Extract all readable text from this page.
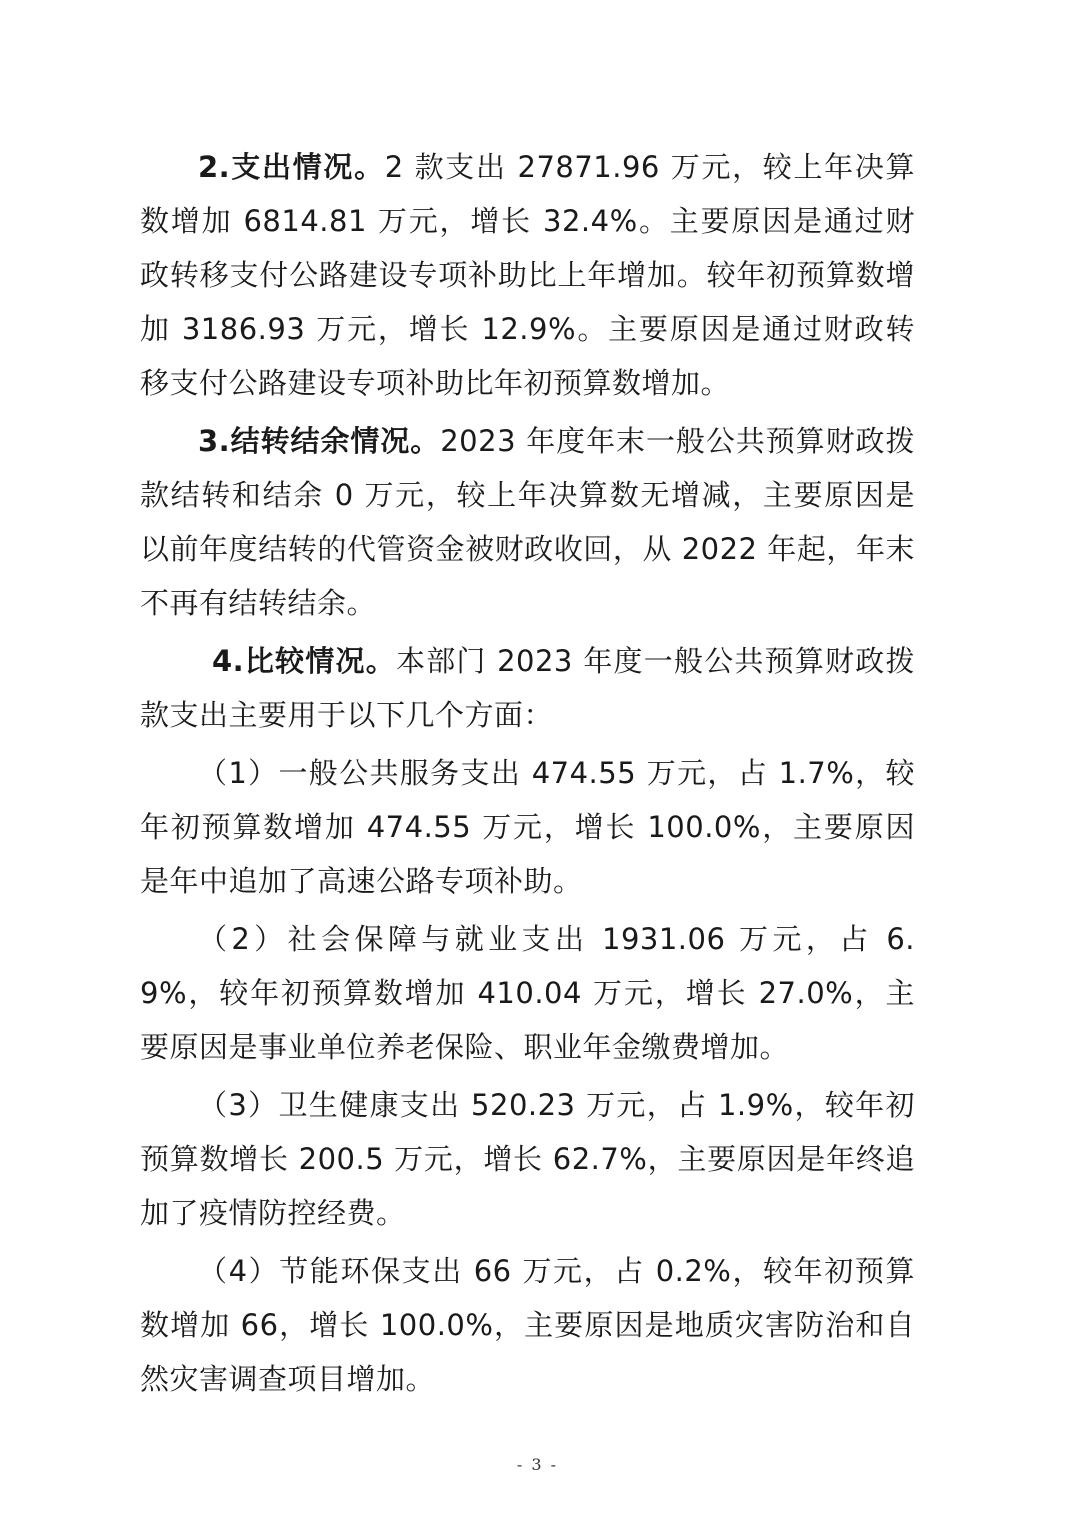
2.支出情况。2 款支出 27871.96 万元，较上年决算数增加 6814.81 万元，增长 32.4%。主要原因是通过财政转移支付公路建设专项补助比上年增加。较年初预算数增加 3186.93 万元，增长 12.9%。主要原因是通过财政转移支付公路建设专项补助比年初预算数增加。

3.结转结余情况。2023 年度年末一般公共预算财政拨款结转和结余 0 万元，较上年决算数无增减，主要原因是以前年度结转的代管资金被财政收回，从 2022 年起，年末不再有结转结余。

4.比较情况。本部门 2023 年度一般公共预算财政拨款支出主要用于以下几个方面：

（1）一般公共服务支出 474.55 万元，占 1.7%，较年初预算数增加 474.55 万元，增长 100.0%，主要原因是年中追加了高速公路专项补助。

（2）社会保障与就业支出 1931.06 万元，占 6.9%，较年初预算数增加 410.04 万元，增长 27.0%，主要原因是事业单位养老保险、职业年金缴费增加。

（3）卫生健康支出 520.23 万元，占 1.9%，较年初预算数增长 200.5 万元，增长 62.7%，主要原因是年终追加了疫情防控经费。

（4）节能环保支出 66 万元，占 0.2%，较年初预算数增加 66，增长 100.0%，主要原因是地质灾害防治和自然灾害调查项目增加。

- 3 -
